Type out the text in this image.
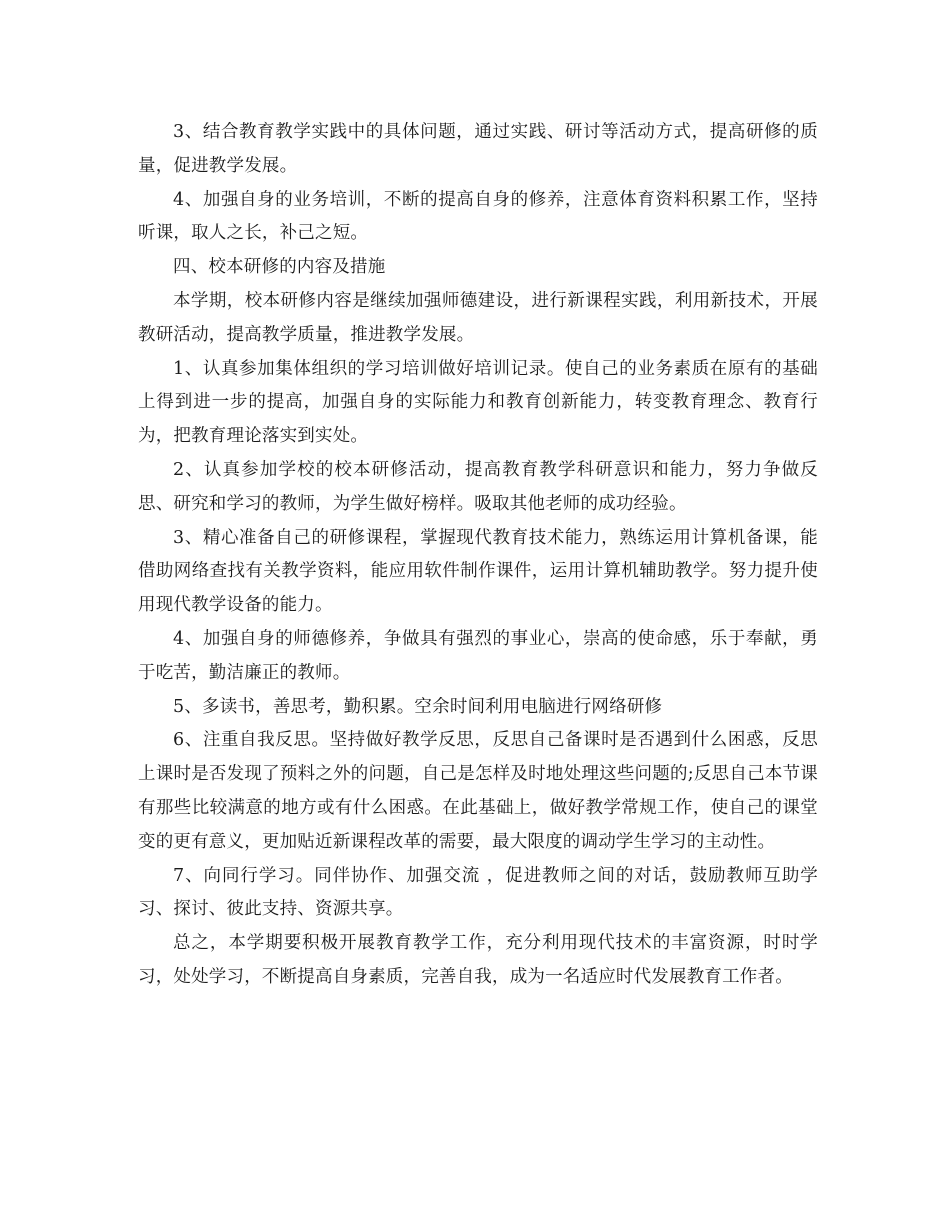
3、结合教育教学实践中的具体问题，通过实践、研讨等活动方式，提高研修的质量，促进教学发展。

4、加强自身的业务培训，不断的提高自身的修养，注意体育资料积累工作，坚持听课，取人之长，补己之短。

四、校本研修的内容及措施

本学期，校本研修内容是继续加强师德建设，进行新课程实践，利用新技术，开展教研活动，提高教学质量，推进教学发展。

1、认真参加集体组织的学习培训做好培训记录。使自己的业务素质在原有的基础上得到进一步的提高，加强自身的实际能力和教育创新能力，转变教育理念、教育行为，把教育理论落实到实处。

2、认真参加学校的校本研修活动，提高教育教学科研意识和能力，努力争做反思、研究和学习的教师，为学生做好榜样。吸取其他老师的成功经验。

3、精心准备自己的研修课程，掌握现代教育技术能力，熟练运用计算机备课，能借助网络查找有关教学资料，能应用软件制作课件，运用计算机辅助教学。努力提升使用现代教学设备的能力。

4、加强自身的师德修养，争做具有强烈的事业心，崇高的使命感，乐于奉献，勇于吃苦，勤洁廉正的教师。

5、多读书，善思考，勤积累。空余时间利用电脑进行网络研修

6、注重自我反思。坚持做好教学反思，反思自己备课时是否遇到什么困惑，反思上课时是否发现了预料之外的问题，自己是怎样及时地处理这些问题的;反思自己本节课有那些比较满意的地方或有什么困惑。在此基础上，做好教学常规工作，使自己的课堂变的更有意义，更加贴近新课程改革的需要，最大限度的调动学生学习的主动性。

7、向同行学习。同伴协作、加强交流 ，促进教师之间的对话，鼓励教师互助学习、探讨、彼此支持、资源共享。

总之，本学期要积极开展教育教学工作，充分利用现代技术的丰富资源，时时学习，处处学习，不断提高自身素质，完善自我，成为一名适应时代发展教育工作者。
